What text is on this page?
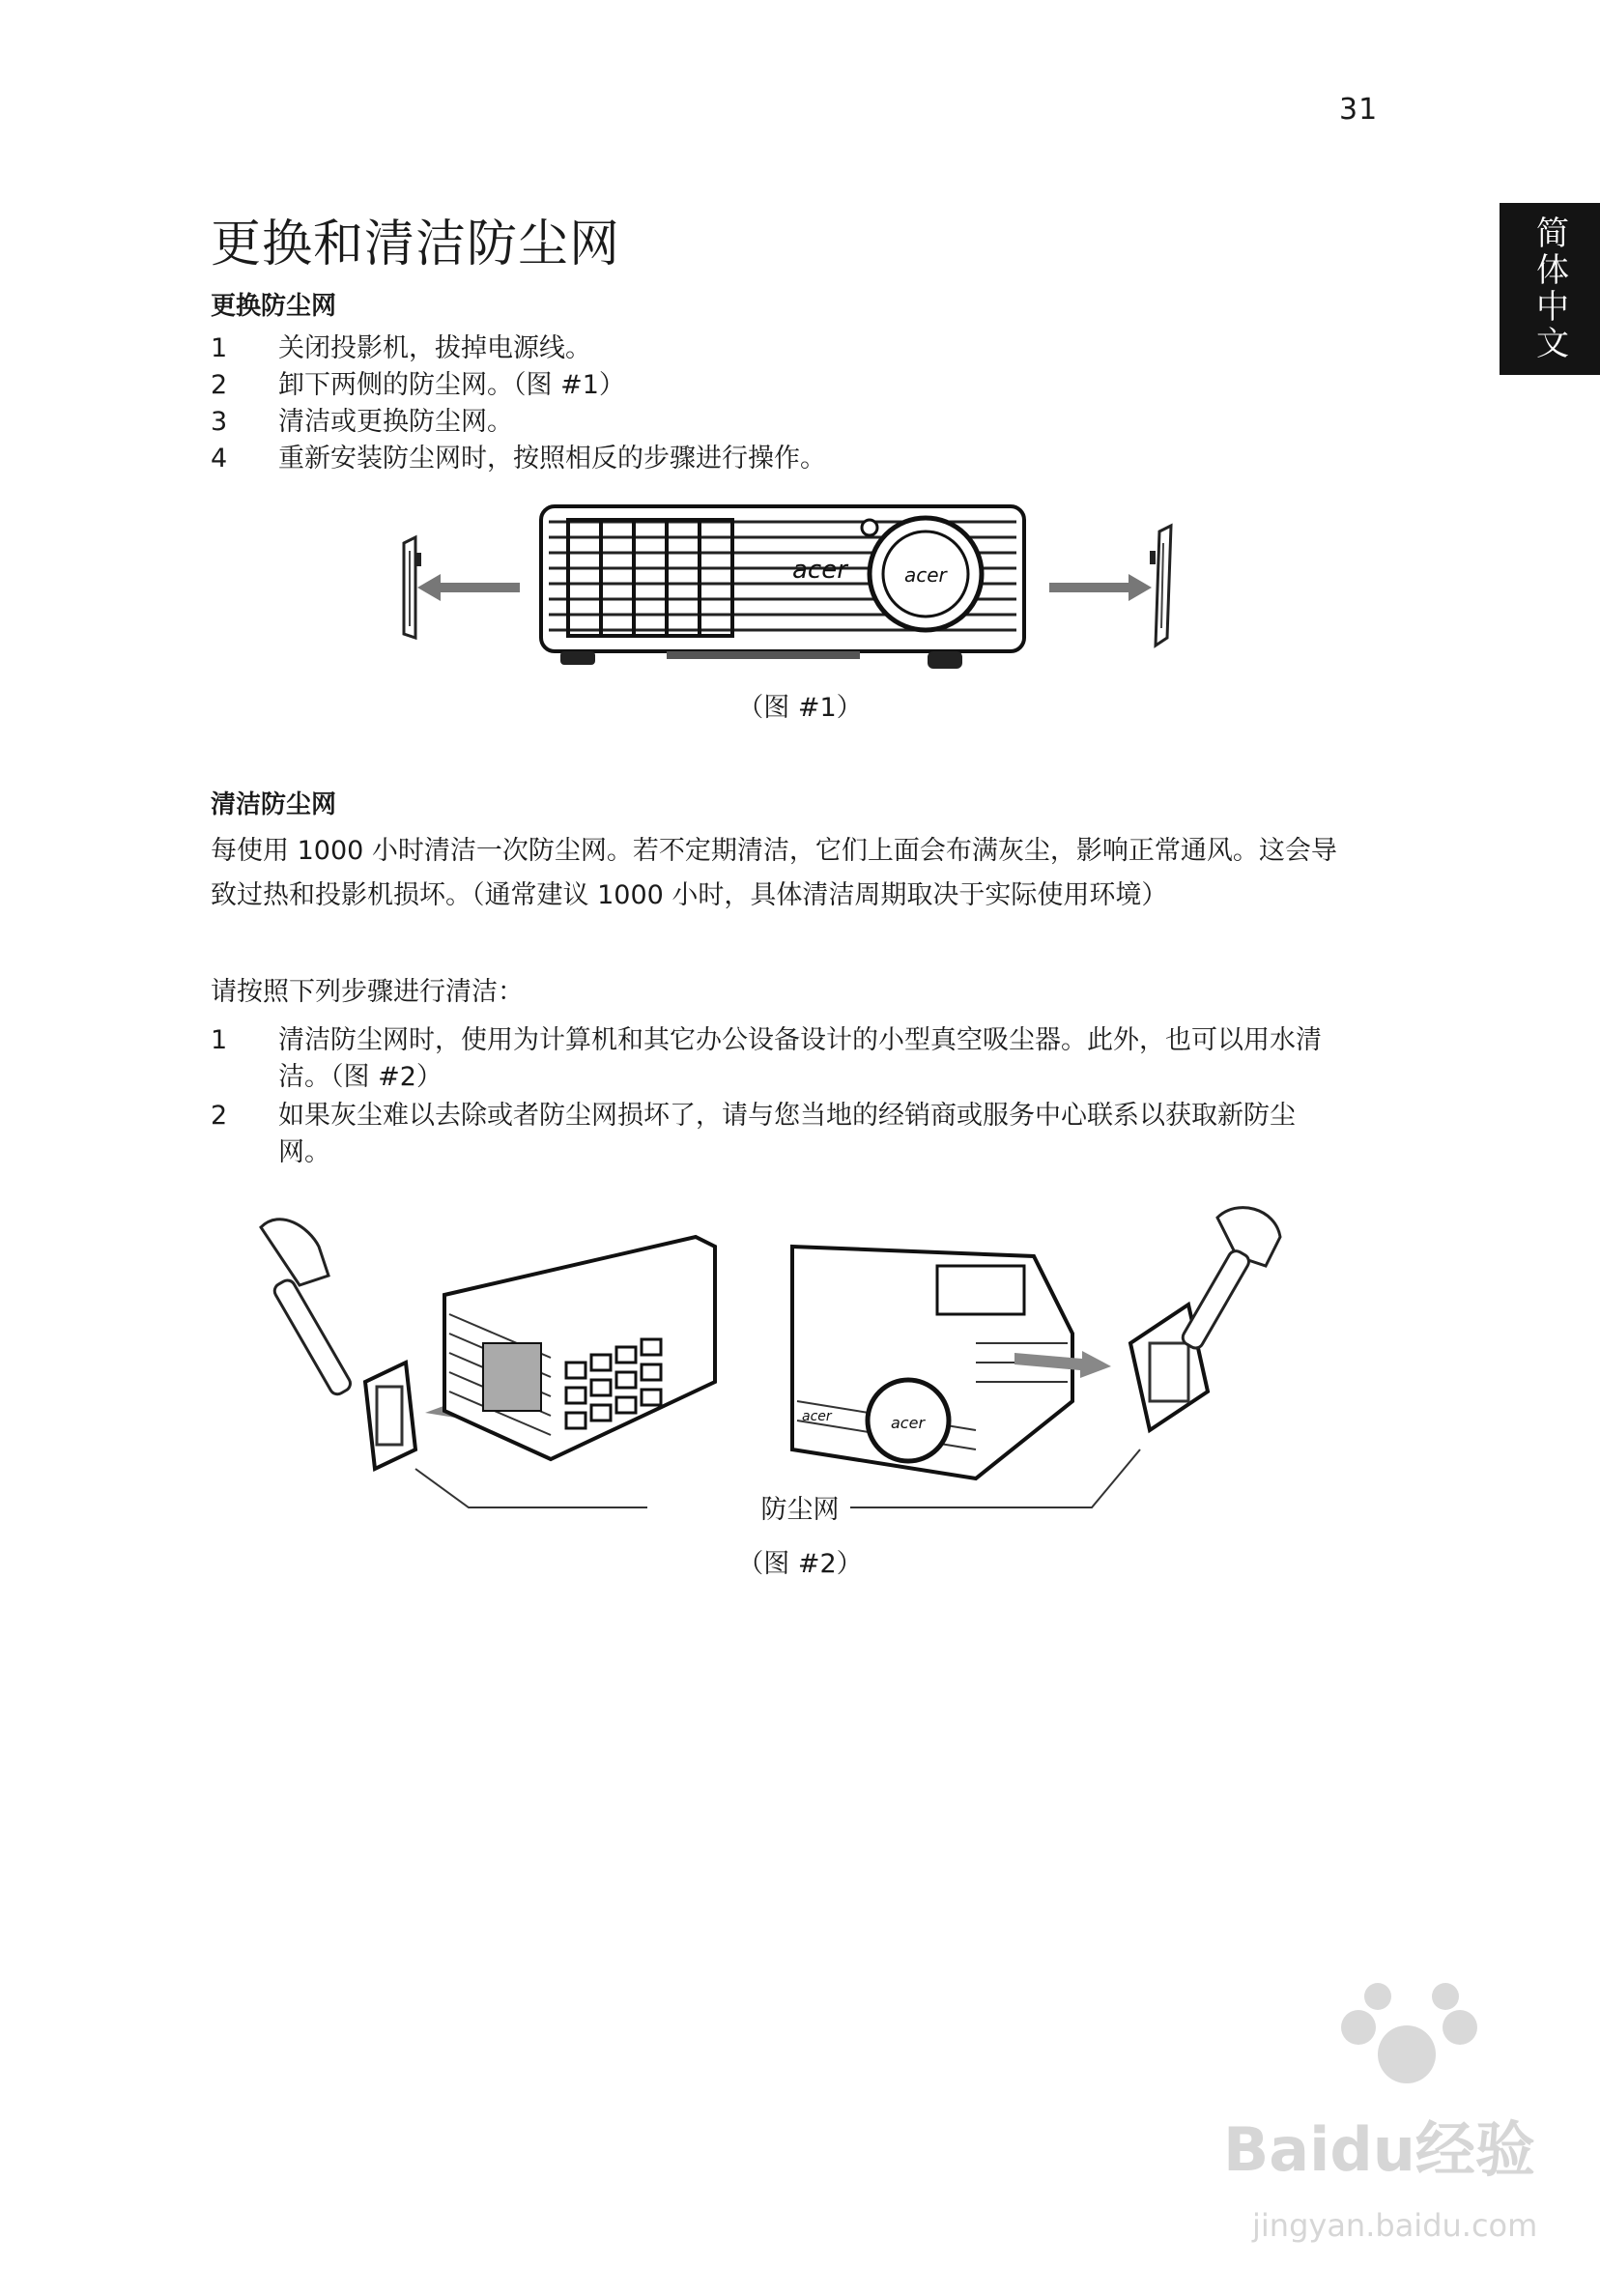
31
简体中文
更换和清洁防尘网
更换防尘网
1	关闭投影机，拔掉电源线。
2	卸下两侧的防尘网。（图 #1）
3	清洁或更换防尘网。
4	重新安装防尘网时，按照相反的步骤进行操作。
acer	acer
（图 #1）
清洁防尘网

每使用 1000 小时清洁一次防尘网。若不定期清洁，它们上面会布满灰尘，影响正常通风。这会导致过热和投影机损坏。（通常建议 1000 小时，具体清洁周期取决于实际使用环境）

请按照下列步骤进行清洁：

1	清洁防尘网时，使用为计算机和其它办公设备设计的小型真空吸尘器。此外，也可以用水清洁。（图 #2）
2	如果灰尘难以去除或者防尘网损坏了，请与您当地的经销商或服务中心联系以获取新防尘网。
acer
acer
防尘网
（图 #2）
Baidu经验
jingyan.baidu.com
